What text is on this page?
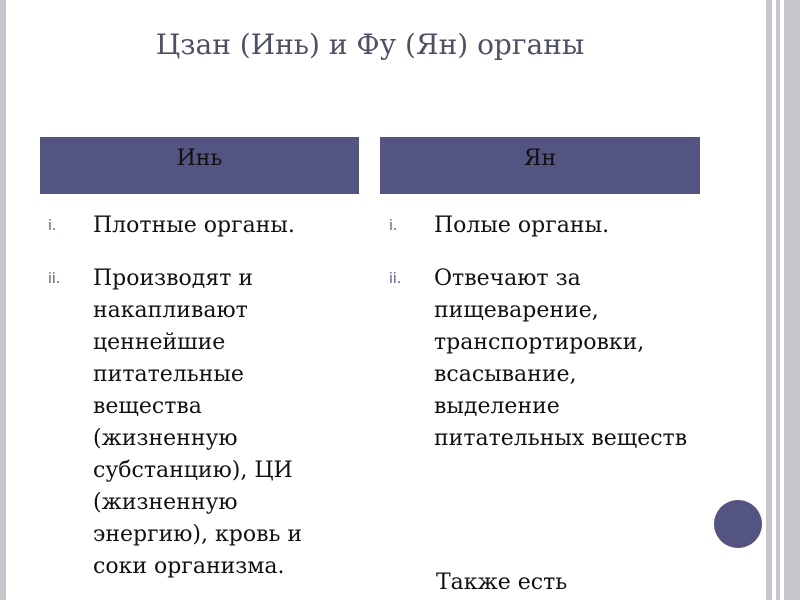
Цзан (Инь) и Фу (Ян) органы
Инь	Ян
i. Плотные органы.
ii. Производят и накапливают ценнейшие питательные вещества (жизненную субстанцию), ЦИ (жизненную энергию), кровь и соки организма.
i. Полые органы.
ii. Отвечают за пищеварение, транспортировки, всасывание, выделение питательных веществ

Также есть
